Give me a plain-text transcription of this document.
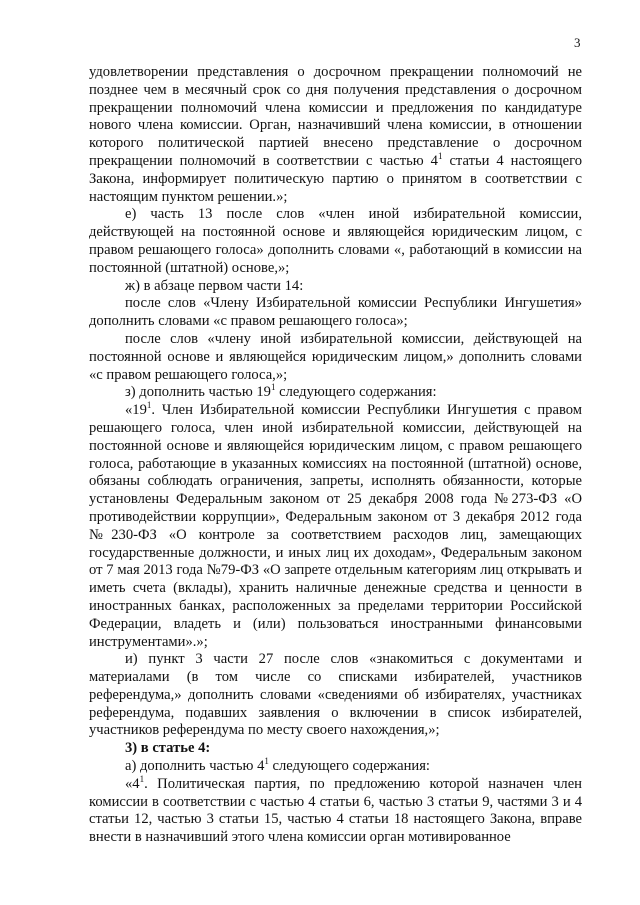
3

удовлетворении представления о досрочном прекращении полномочий не позднее чем в месячный срок со дня получения представления о досрочном прекращении полномочий члена комиссии и предложения по кандидатуре нового члена комиссии. Орган, назначивший члена комиссии, в отношении которого политической партией внесено представление о досрочном прекращении полномочий в соответствии с частью $4^1$ статьи 4 настоящего Закона, информирует политическую партию о принятом в соответствии с настоящим пунктом решении.»;

е) часть 13 после слов «член иной избирательной комиссии, действующей на постоянной основе и являющейся юридическим лицом, с правом решающего голоса» дополнить словами «, работающий в комиссии на постоянной (штатной) основе,»;

ж) в абзаце первом части 14:

после слов «Члену Избирательной комиссии Республики Ингушетия» дополнить словами «с правом решающего голоса»;

после слов «члену иной избирательной комиссии, действующей на постоянной основе и являющейся юридическим лицом,» дополнить словами «с правом решающего голоса,»;

з) дополнить частью $19^1$ следующего содержания:

«$19^1$. Член Избирательной комиссии Республики Ингушетия с правом решающего голоса, член иной избирательной комиссии, действующей на постоянной основе и являющейся юридическим лицом, с правом решающего голоса, работающие в указанных комиссиях на постоянной (штатной) основе, обязаны соблюдать ограничения, запреты, исполнять обязанности, которые установлены Федеральным законом от 25 декабря 2008 года №273-ФЗ «О противодействии коррупции», Федеральным законом от 3 декабря 2012 года №230-ФЗ «О контроле за соответствием расходов лиц, замещающих государственные должности, и иных лиц их доходам», Федеральным законом от 7 мая 2013 года №79-ФЗ «О запрете отдельным категориям лиц открывать и иметь счета (вклады), хранить наличные денежные средства и ценности в иностранных банках, расположенных за пределами территории Российской Федерации, владеть и (или) пользоваться иностранными финансовыми инструментами».»;

и) пункт 3 части 27 после слов «знакомиться с документами и материалами (в том числе со списками избирателей, участников референдума,» дополнить словами «сведениями об избирателях, участниках референдума, подавших заявления о включении в список избирателей, участников референдума по месту своего нахождения,»;

3) в статье 4:

а) дополнить частью $4^1$ следующего содержания:

«$4^1$. Политическая партия, по предложению которой назначен член комиссии в соответствии с частью 4 статьи 6, частью 3 статьи 9, частями 3 и 4 статьи 12, частью 3 статьи 15, частью 4 статьи 18 настоящего Закона, вправе внести в назначивший этого члена комиссии орган мотивированное
